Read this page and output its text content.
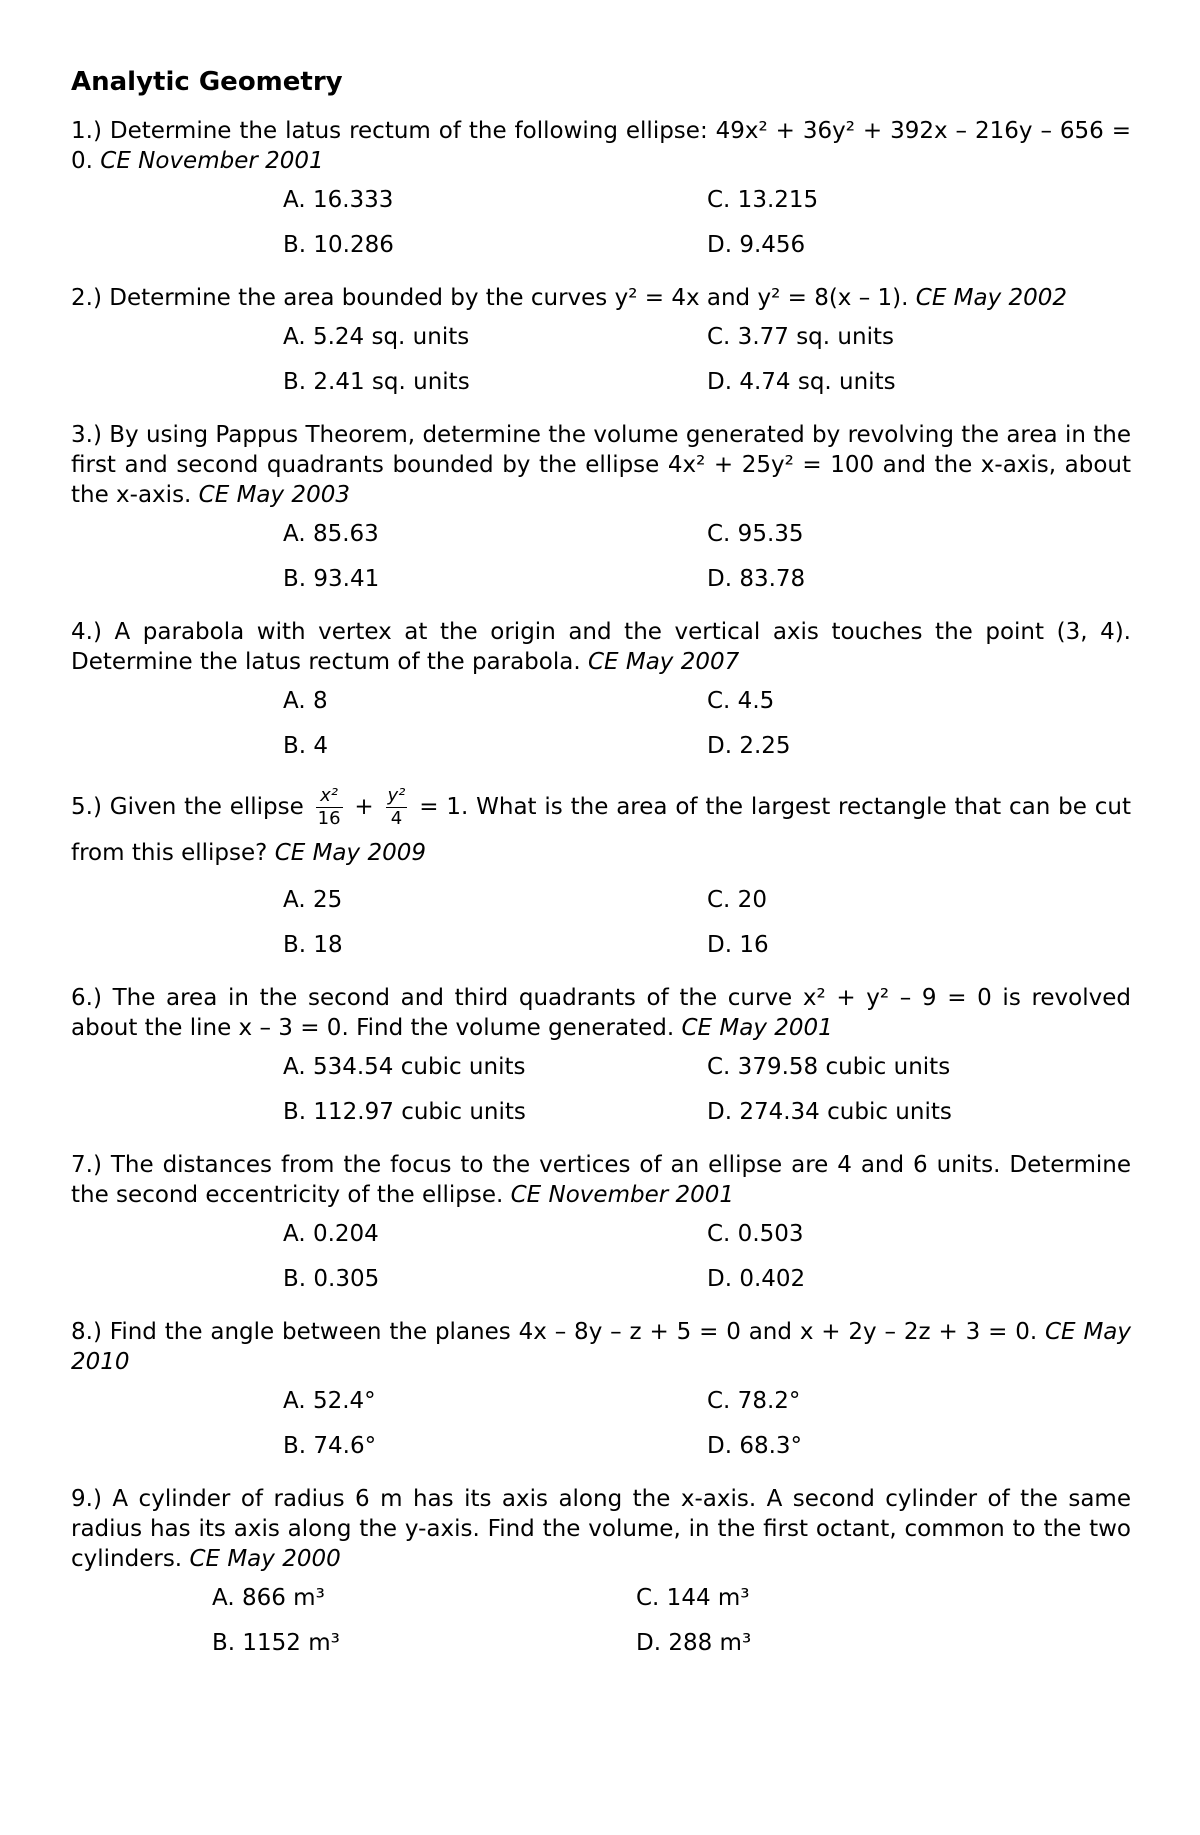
Analytic Geometry

1.) Determine the latus rectum of the following ellipse: 49x² + 36y² + 392x – 216y – 656 = 0. CE November 2001

A. 16.333	C. 13.215
B. 10.286	D. 9.456

2.) Determine the area bounded by the curves y² = 4x and y² = 8(x – 1). CE May 2002

A. 5.24 sq. units	C. 3.77 sq. units
B. 2.41 sq. units	D. 4.74 sq. units

3.) By using Pappus Theorem, determine the volume generated by revolving the area in the first and second quadrants bounded by the ellipse 4x² + 25y² = 100 and the x-axis, about the x-axis. CE May 2003

A. 85.63	C. 95.35
B. 93.41	D. 83.78

4.) A parabola with vertex at the origin and the vertical axis touches the point (3, 4). Determine the latus rectum of the parabola. CE May 2007

A. 8	C. 4.5
B. 4	D. 2.25

5.) Given the ellipse $\frac{\text{x²}}{16} + \frac{\text{y²}}{4} = 1$. What is the area of the largest rectangle that can be cut from this ellipse? CE May 2009

A. 25	C. 20
B. 18	D. 16

6.) The area in the second and third quadrants of the curve x² + y² – 9 = 0 is revolved about the line x – 3 = 0. Find the volume generated. CE May 2001

A. 534.54 cubic units	C. 379.58 cubic units
B. 112.97 cubic units	D. 274.34 cubic units

7.) The distances from the focus to the vertices of an ellipse are 4 and 6 units. Determine the second eccentricity of the ellipse. CE November 2001

A. 0.204	C. 0.503
B. 0.305	D. 0.402

8.) Find the angle between the planes 4x – 8y – z + 5 = 0 and x + 2y – 2z + 3 = 0. CE May 2010

A. 52.4°	C. 78.2°
B. 74.6°	D. 68.3°

9.) A cylinder of radius 6 m has its axis along the x-axis. A second cylinder of the same radius has its axis along the y-axis. Find the volume, in the first octant, common to the two cylinders. CE May 2000

A. 866 m³	C. 144 m³
B. 1152 m³	D. 288 m³
